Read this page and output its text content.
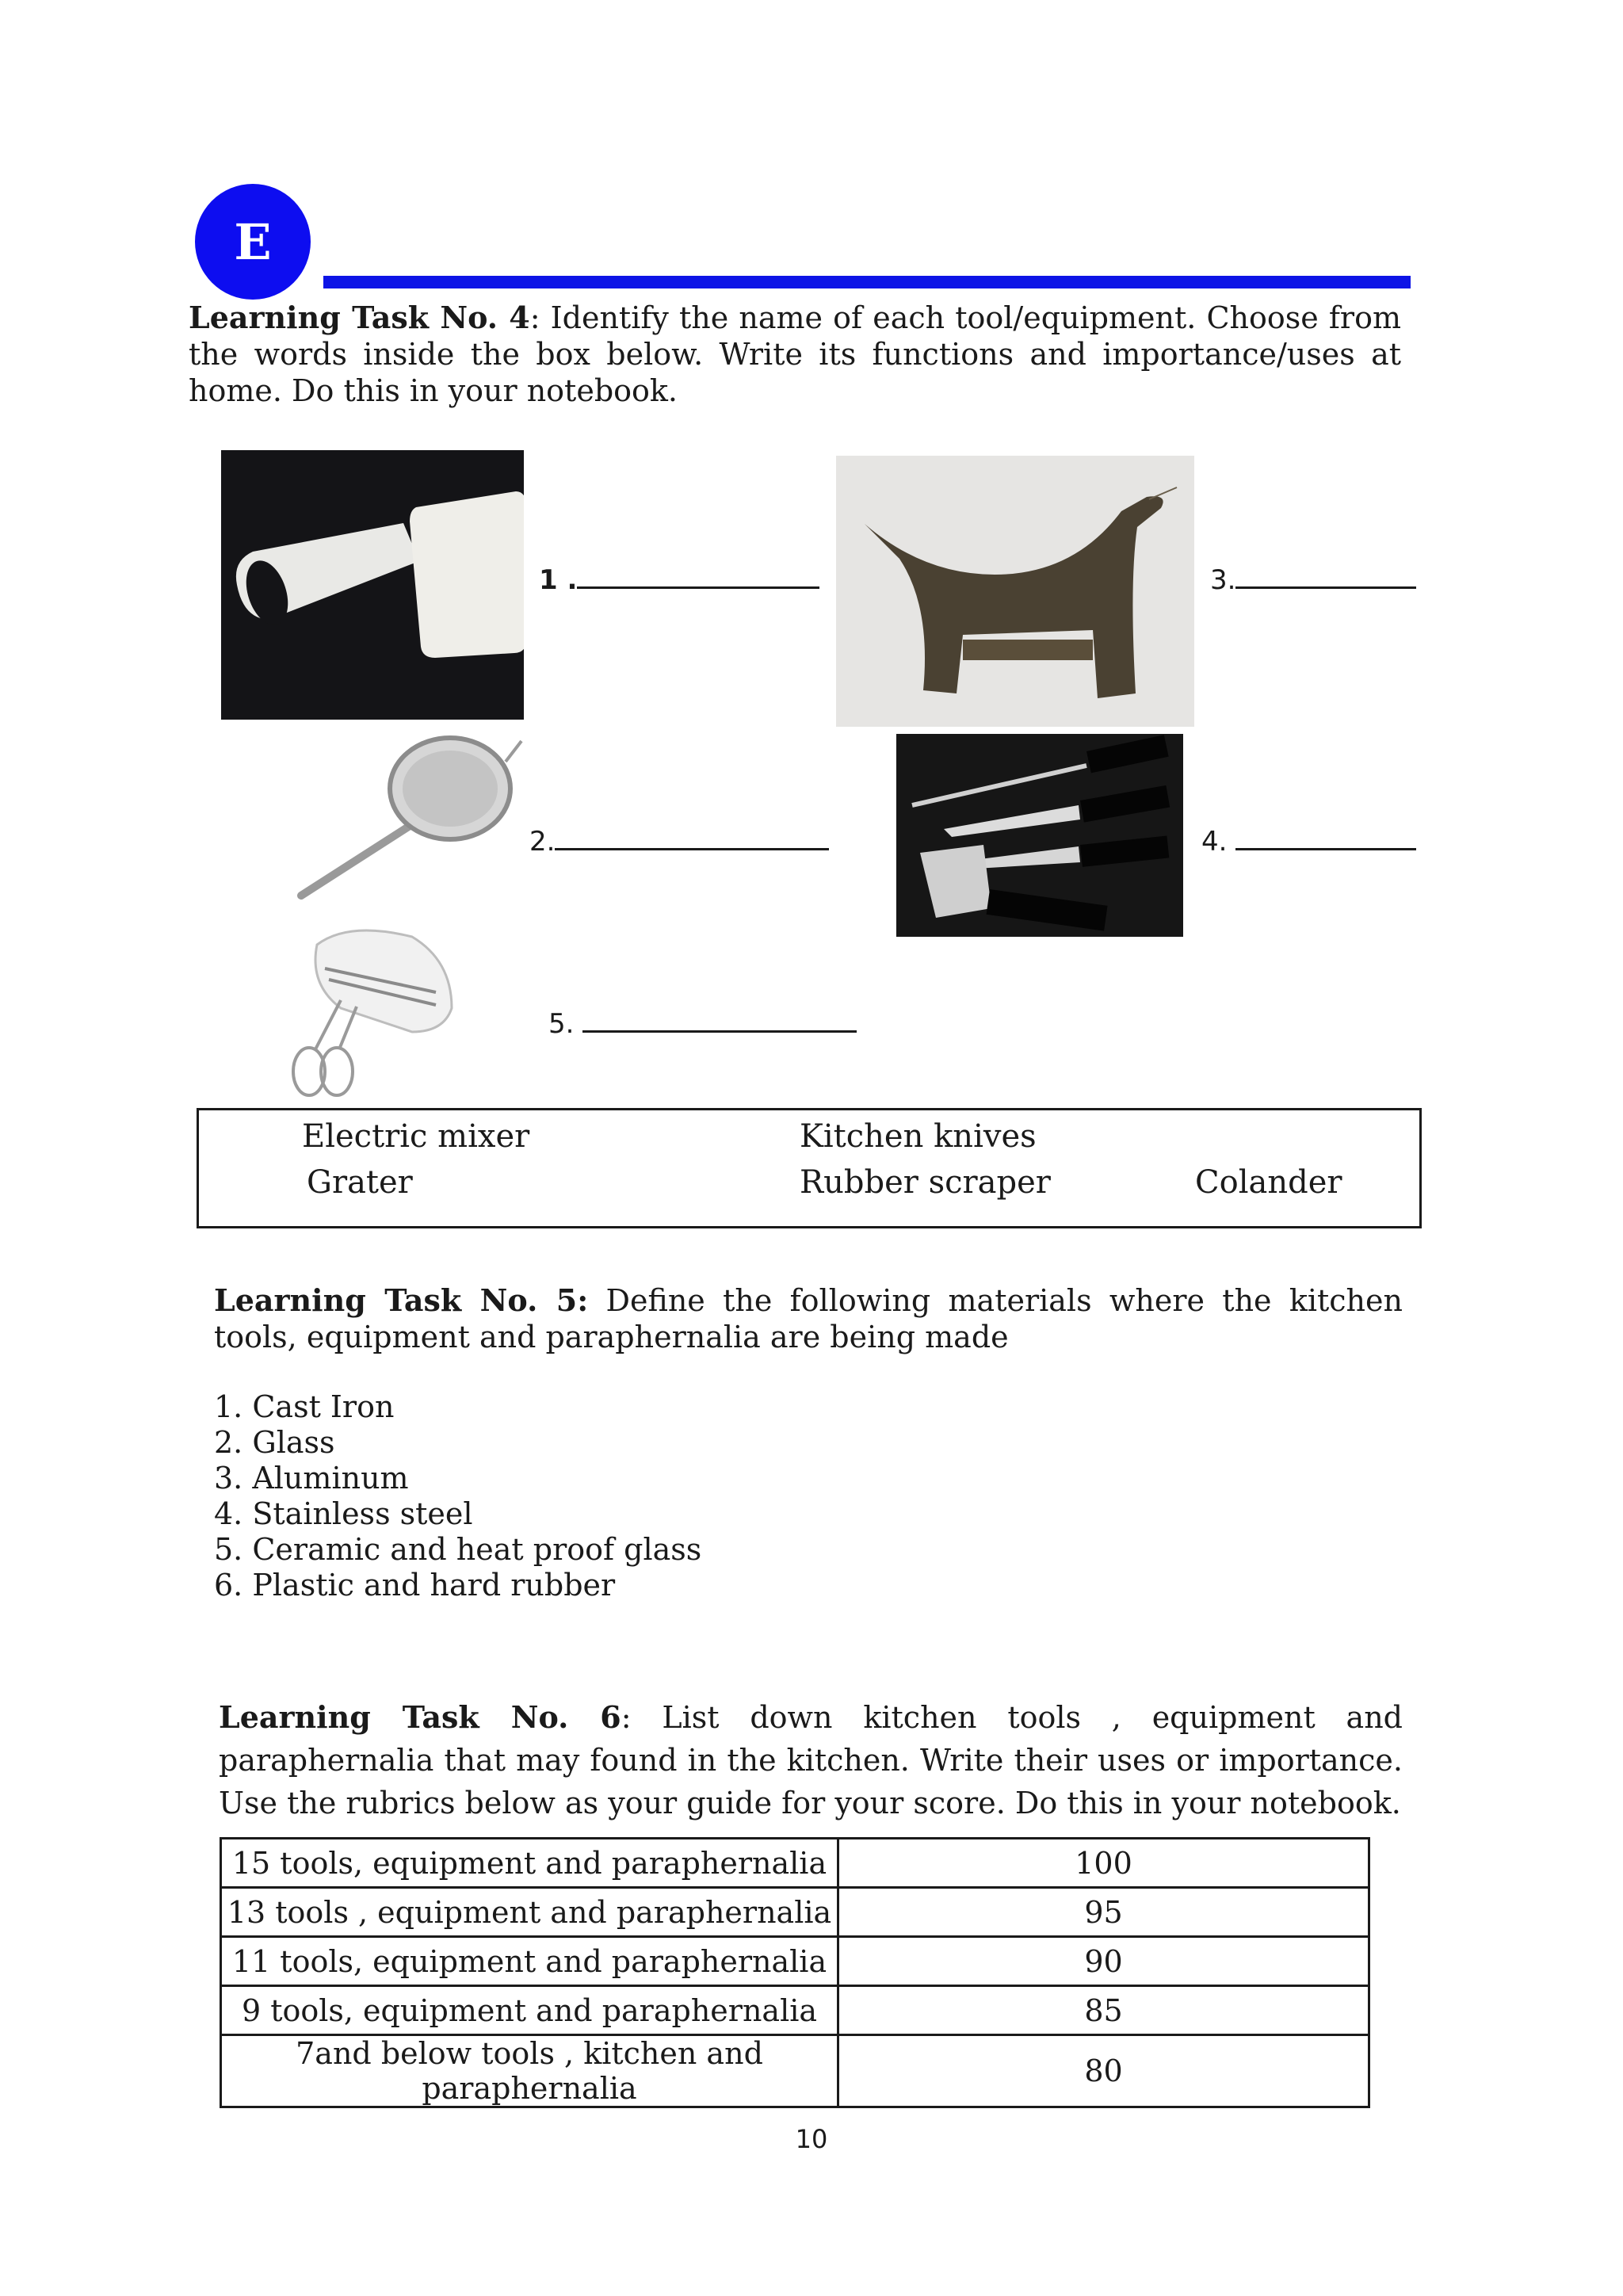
E
Learning Task No. 4: Identify the name of each tool/equipment. Choose from the words inside the box below. Write its functions and importance/uses at home. Do this in your notebook.
1 .	3.
2.	4.
5.
Electric mixer	Kitchen knives
Grater	Rubber scraper	Colander
Learning Task No. 5: Define the following materials where the kitchen tools, equipment and paraphernalia are being made
1. Cast Iron
2. Glass
3. Aluminum
4. Stainless steel
5. Ceramic and heat proof glass
6. Plastic and hard rubber
Learning Task No. 6: List down kitchen tools , equipment and paraphernalia that may found in the kitchen. Write their uses or importance. Use the rubrics below as your guide for your score. Do this in your notebook.
15 tools, equipment and paraphernalia	100
13 tools , equipment and paraphernalia	95
11 tools, equipment and paraphernalia	90
9 tools, equipment and paraphernalia	85
7and below tools , kitchen and paraphernalia	80
10
